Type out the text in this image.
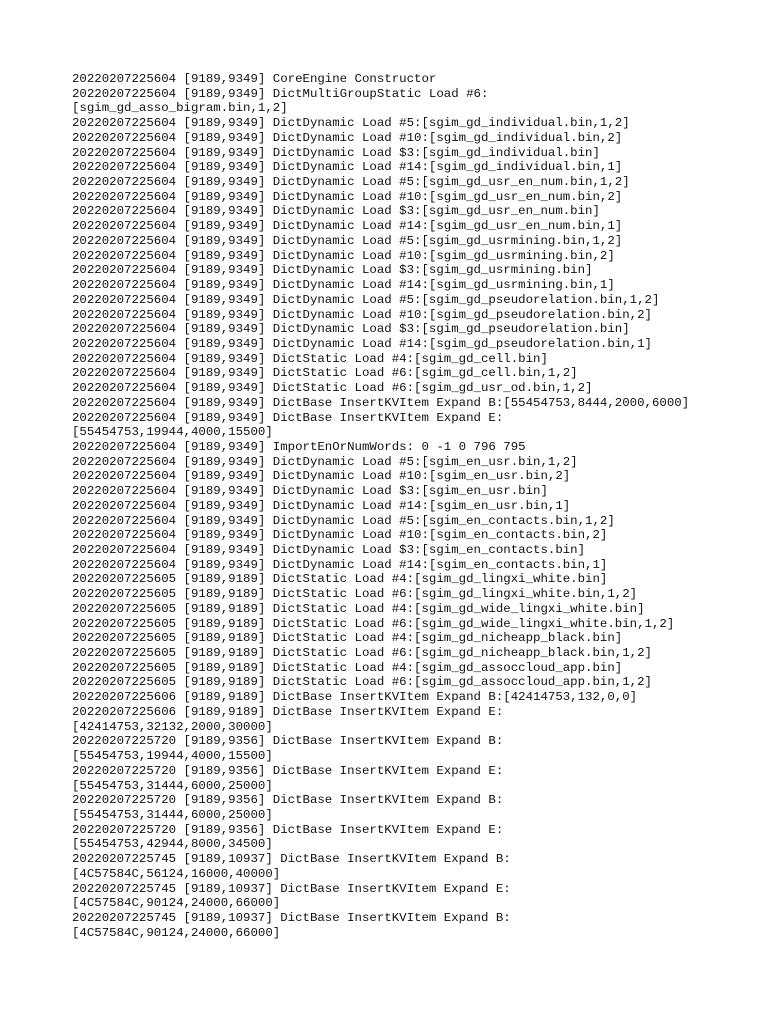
20220207225604 [9189,9349] CoreEngine Constructor
20220207225604 [9189,9349] DictMultiGroupStatic Load #6:
[sgim_gd_asso_bigram.bin,1,2]
20220207225604 [9189,9349] DictDynamic Load #5:[sgim_gd_individual.bin,1,2]
20220207225604 [9189,9349] DictDynamic Load #10:[sgim_gd_individual.bin,2]
20220207225604 [9189,9349] DictDynamic Load $3:[sgim_gd_individual.bin]
20220207225604 [9189,9349] DictDynamic Load #14:[sgim_gd_individual.bin,1]
20220207225604 [9189,9349] DictDynamic Load #5:[sgim_gd_usr_en_num.bin,1,2]
20220207225604 [9189,9349] DictDynamic Load #10:[sgim_gd_usr_en_num.bin,2]
20220207225604 [9189,9349] DictDynamic Load $3:[sgim_gd_usr_en_num.bin]
20220207225604 [9189,9349] DictDynamic Load #14:[sgim_gd_usr_en_num.bin,1]
20220207225604 [9189,9349] DictDynamic Load #5:[sgim_gd_usrmining.bin,1,2]
20220207225604 [9189,9349] DictDynamic Load #10:[sgim_gd_usrmining.bin,2]
20220207225604 [9189,9349] DictDynamic Load $3:[sgim_gd_usrmining.bin]
20220207225604 [9189,9349] DictDynamic Load #14:[sgim_gd_usrmining.bin,1]
20220207225604 [9189,9349] DictDynamic Load #5:[sgim_gd_pseudorelation.bin,1,2]
20220207225604 [9189,9349] DictDynamic Load #10:[sgim_gd_pseudorelation.bin,2]
20220207225604 [9189,9349] DictDynamic Load $3:[sgim_gd_pseudorelation.bin]
20220207225604 [9189,9349] DictDynamic Load #14:[sgim_gd_pseudorelation.bin,1]
20220207225604 [9189,9349] DictStatic Load #4:[sgim_gd_cell.bin]
20220207225604 [9189,9349] DictStatic Load #6:[sgim_gd_cell.bin,1,2]
20220207225604 [9189,9349] DictStatic Load #6:[sgim_gd_usr_od.bin,1,2]
20220207225604 [9189,9349] DictBase InsertKVItem Expand B:[55454753,8444,2000,6000]
20220207225604 [9189,9349] DictBase InsertKVItem Expand E:
[55454753,19944,4000,15500]
20220207225604 [9189,9349] ImportEnOrNumWords: 0 -1 0 796 795
20220207225604 [9189,9349] DictDynamic Load #5:[sgim_en_usr.bin,1,2]
20220207225604 [9189,9349] DictDynamic Load #10:[sgim_en_usr.bin,2]
20220207225604 [9189,9349] DictDynamic Load $3:[sgim_en_usr.bin]
20220207225604 [9189,9349] DictDynamic Load #14:[sgim_en_usr.bin,1]
20220207225604 [9189,9349] DictDynamic Load #5:[sgim_en_contacts.bin,1,2]
20220207225604 [9189,9349] DictDynamic Load #10:[sgim_en_contacts.bin,2]
20220207225604 [9189,9349] DictDynamic Load $3:[sgim_en_contacts.bin]
20220207225604 [9189,9349] DictDynamic Load #14:[sgim_en_contacts.bin,1]
20220207225605 [9189,9189] DictStatic Load #4:[sgim_gd_lingxi_white.bin]
20220207225605 [9189,9189] DictStatic Load #6:[sgim_gd_lingxi_white.bin,1,2]
20220207225605 [9189,9189] DictStatic Load #4:[sgim_gd_wide_lingxi_white.bin]
20220207225605 [9189,9189] DictStatic Load #6:[sgim_gd_wide_lingxi_white.bin,1,2]
20220207225605 [9189,9189] DictStatic Load #4:[sgim_gd_nicheapp_black.bin]
20220207225605 [9189,9189] DictStatic Load #6:[sgim_gd_nicheapp_black.bin,1,2]
20220207225605 [9189,9189] DictStatic Load #4:[sgim_gd_assoccloud_app.bin]
20220207225605 [9189,9189] DictStatic Load #6:[sgim_gd_assoccloud_app.bin,1,2]
20220207225606 [9189,9189] DictBase InsertKVItem Expand B:[42414753,132,0,0]
20220207225606 [9189,9189] DictBase InsertKVItem Expand E:
[42414753,32132,2000,30000]
20220207225720 [9189,9356] DictBase InsertKVItem Expand B:
[55454753,19944,4000,15500]
20220207225720 [9189,9356] DictBase InsertKVItem Expand E:
[55454753,31444,6000,25000]
20220207225720 [9189,9356] DictBase InsertKVItem Expand B:
[55454753,31444,6000,25000]
20220207225720 [9189,9356] DictBase InsertKVItem Expand E:
[55454753,42944,8000,34500]
20220207225745 [9189,10937] DictBase InsertKVItem Expand B:
[4C57584C,56124,16000,40000]
20220207225745 [9189,10937] DictBase InsertKVItem Expand E:
[4C57584C,90124,24000,66000]
20220207225745 [9189,10937] DictBase InsertKVItem Expand B:
[4C57584C,90124,24000,66000]
